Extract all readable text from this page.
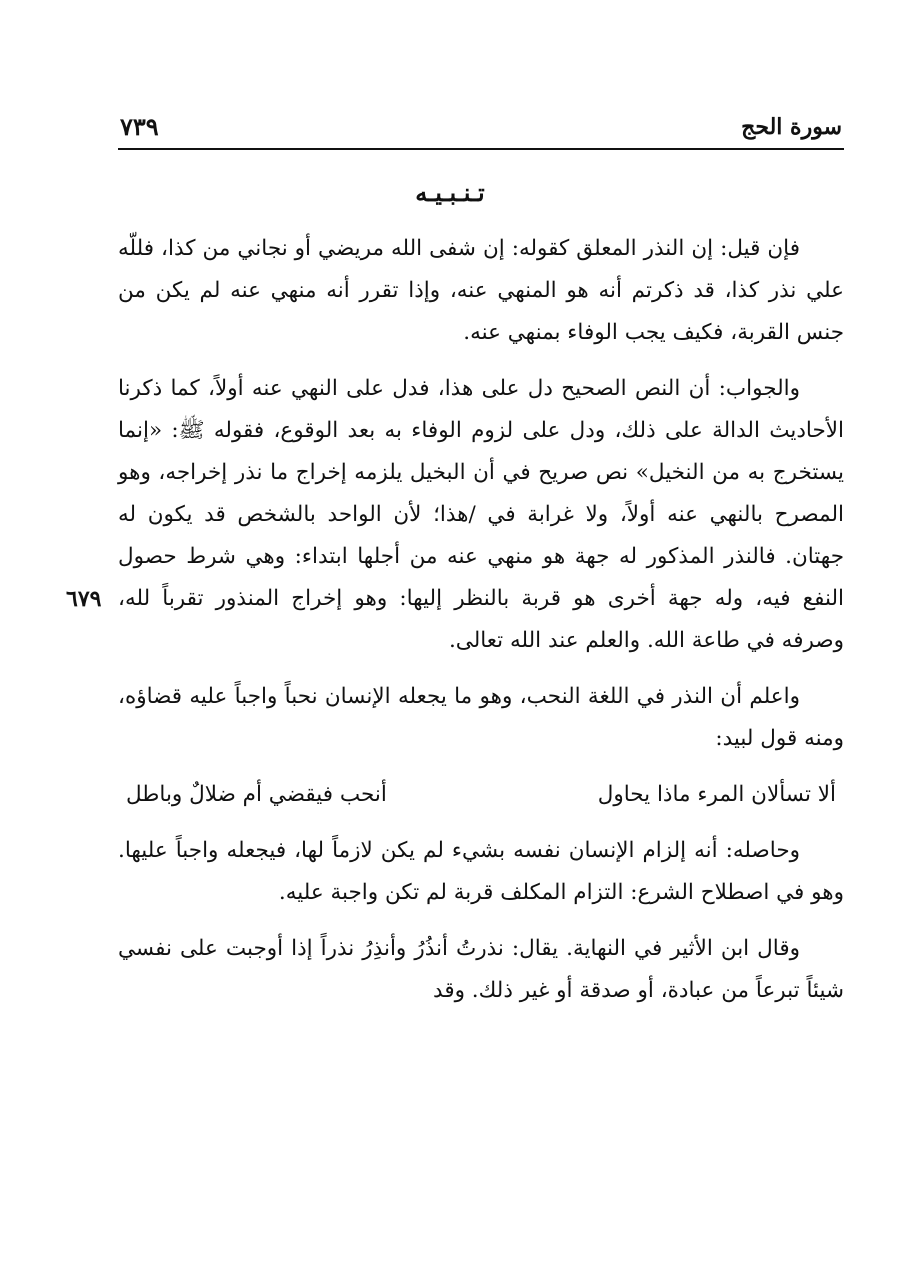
سورة الحج
٧٣٩
تـنـبـيـه
٦٧٩

فإن قيل: إن النذر المعلق كقوله: إن شفى الله مريضي أو نجاني من كذا، فللّه علي نذر كذا، قد ذكرتم أنه هو المنهي عنه، وإذا تقرر أنه منهي عنه لم يكن من جنس القربة، فكيف يجب الوفاء بمنهي عنه.

والجواب: أن النص الصحيح دل على هذا، فدل على النهي عنه أولاً، كما ذكرنا الأحاديث الدالة على ذلك، ودل على لزوم الوفاء به بعد الوقوع، فقوله ﷺ: «إنما يستخرج به من النخيل» نص صريح في أن البخيل يلزمه إخراج ما نذر إخراجه، وهو المصرح بالنهي عنه أولاً، ولا غرابة في /هذا؛ لأن الواحد بالشخص قد يكون له جهتان. فالنذر المذكور له جهة هو منهي عنه من أجلها ابتداء: وهي شرط حصول النفع فيه، وله جهة أخرى هو قربة بالنظر إليها: وهو إخراج المنذور تقرباً لله، وصرفه في طاعة الله. والعلم عند الله تعالى.

واعلم أن النذر في اللغة النحب، وهو ما يجعله الإنسان نحباً واجباً عليه قضاؤه، ومنه قول لبيد:

ألا تسألان المرء ماذا يحاول
أنحب فيقضي أم ضلالٌ وباطل

وحاصله: أنه إلزام الإنسان نفسه بشيء لم يكن لازماً لها، فيجعله واجباً عليها. وهو في اصطلاح الشرع: التزام المكلف قربة لم تكن واجبة عليه.

وقال ابن الأثير في النهاية. يقال: نذرتُ أنذُرُ وأنذِرُ نذراً إذا أوجبت على نفسي شيئاً تبرعاً من عبادة، أو صدقة أو غير ذلك. وقد
